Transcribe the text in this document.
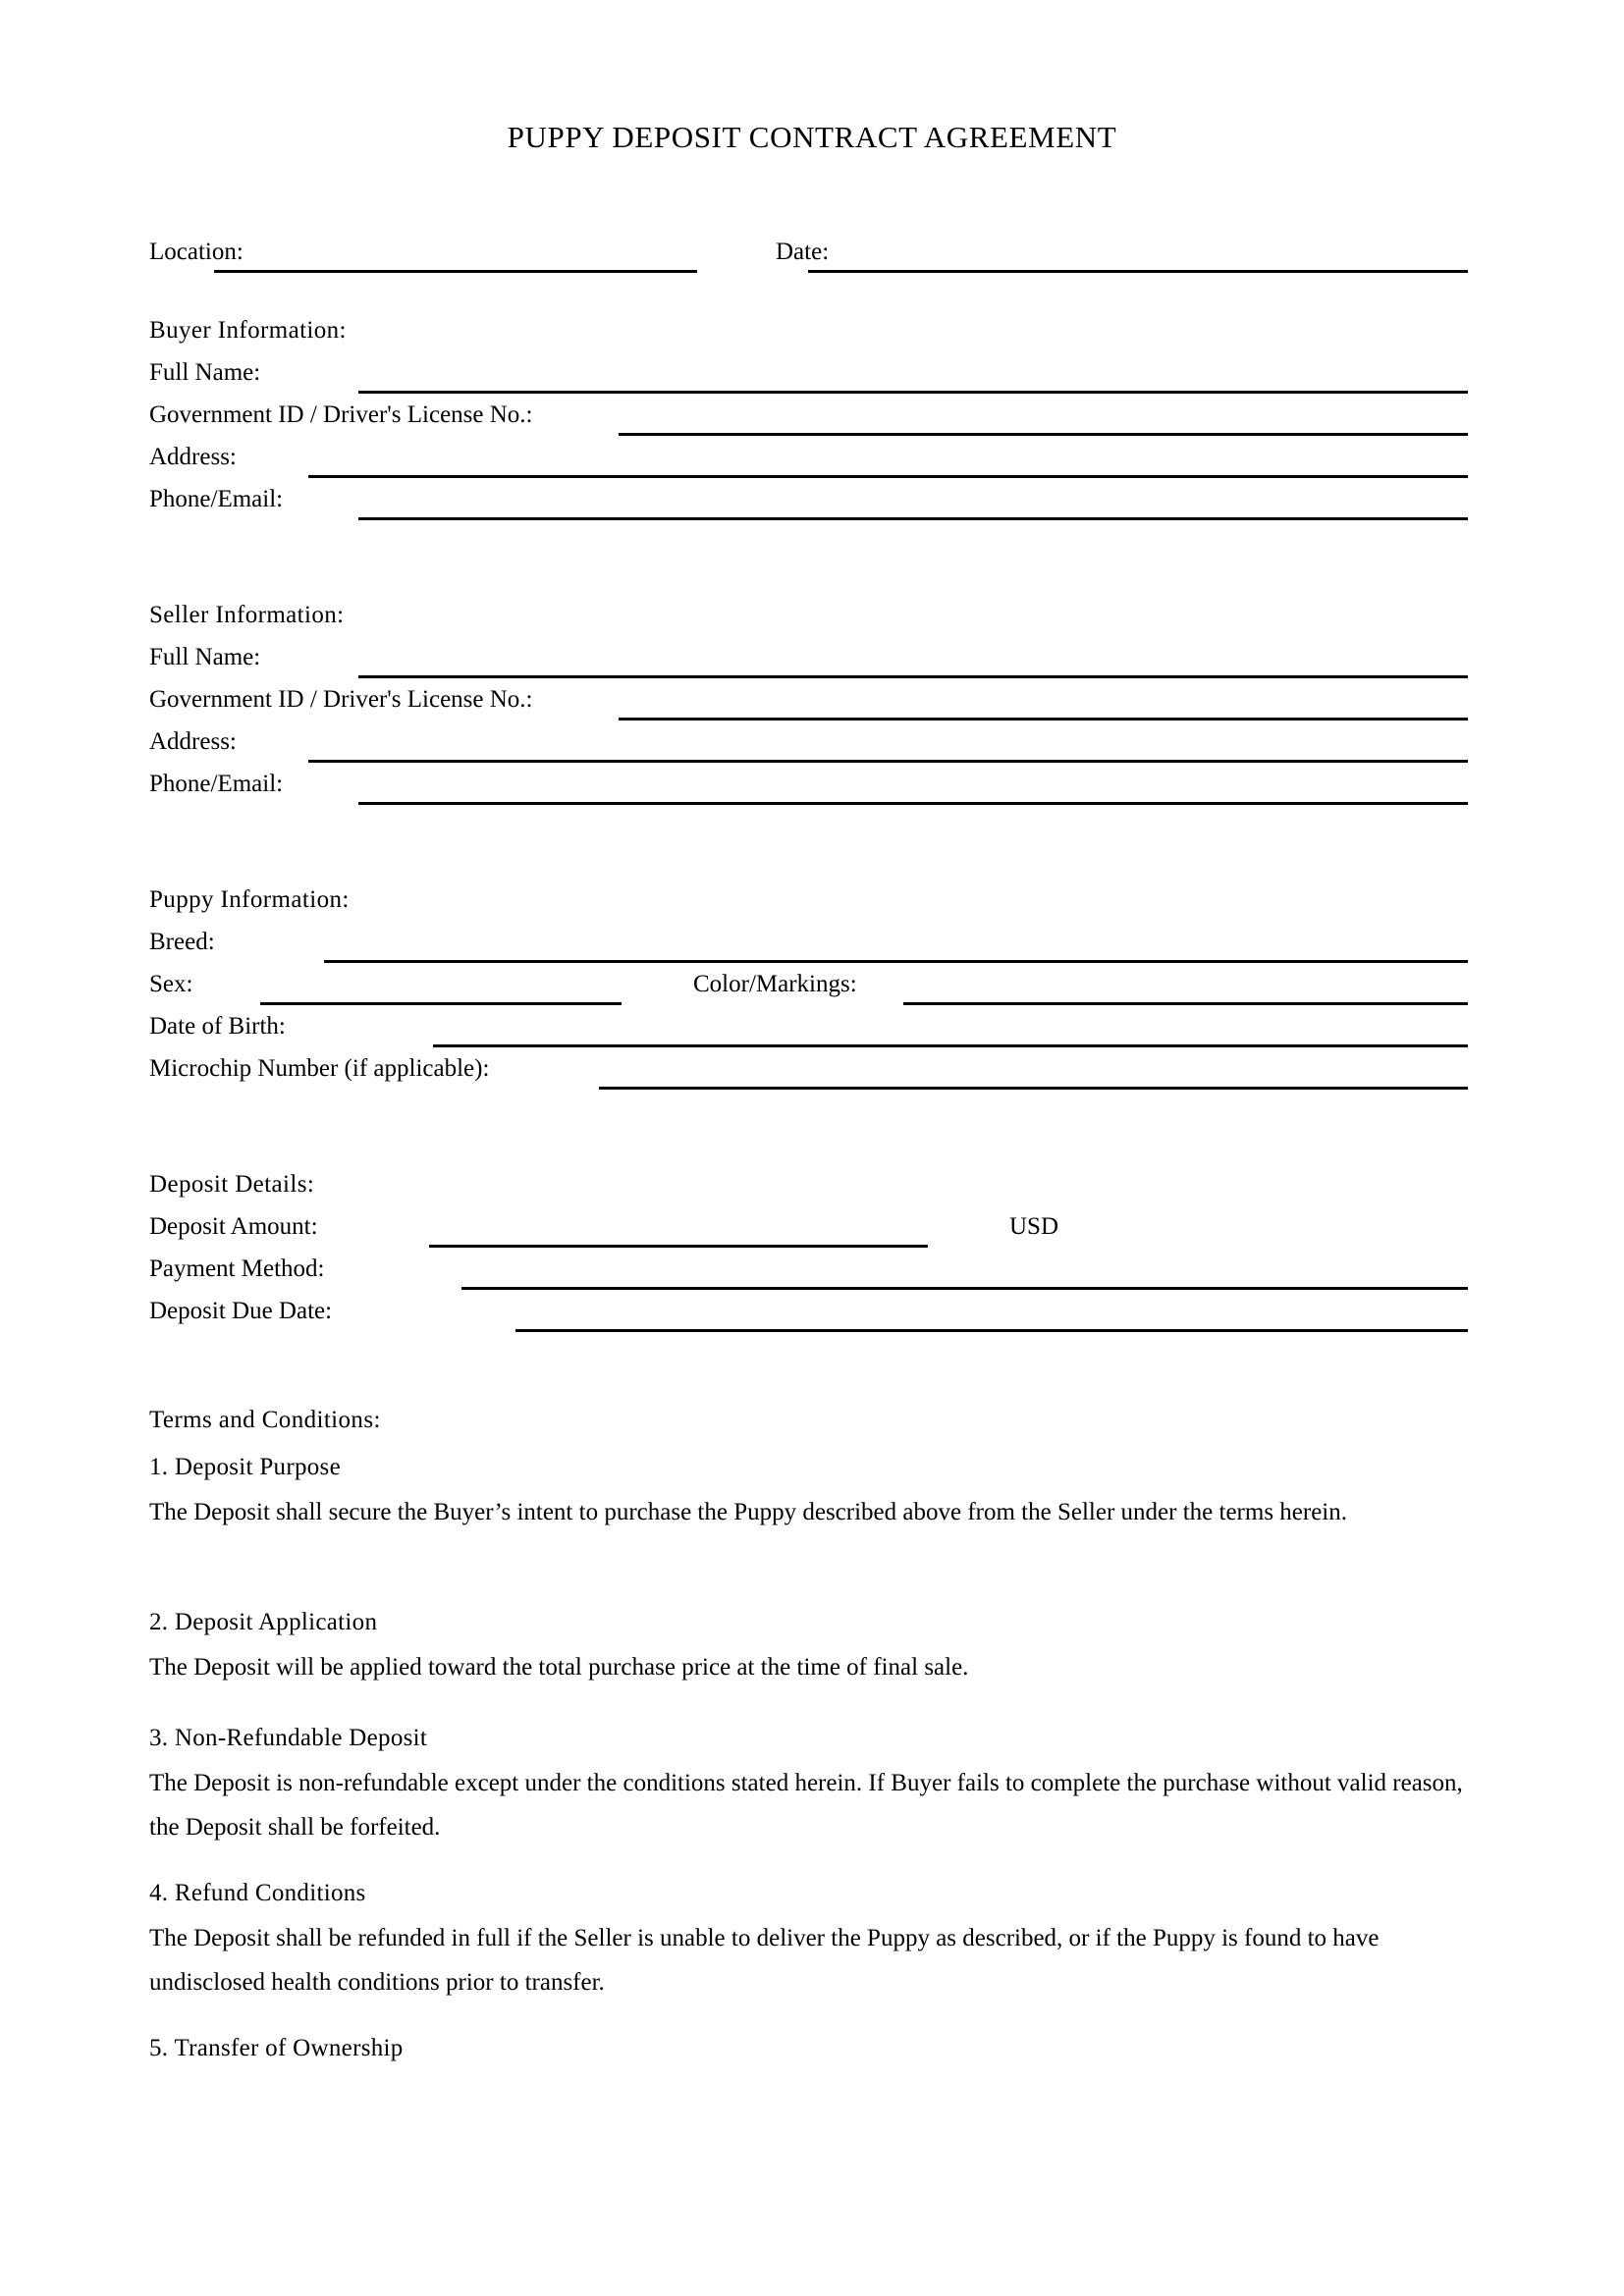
PUPPY DEPOSIT CONTRACT AGREEMENT
Location:	Date:
Buyer Information:
Full Name:
Government ID / Driver's License No.:
Address:
Phone/Email:
Seller Information:
Full Name:
Government ID / Driver's License No.:
Address:
Phone/Email:
Puppy Information:
Breed:
Sex:	Color/Markings:
Date of Birth:
Microchip Number (if applicable):
Deposit Details:
Deposit Amount:	USD
Payment Method:
Deposit Due Date:
Terms and Conditions:
1. Deposit Purpose
The Deposit shall secure the Buyer’s intent to purchase the Puppy described above from the Seller under the terms herein.
2. Deposit Application
The Deposit will be applied toward the total purchase price at the time of final sale.
3. Non-Refundable Deposit
The Deposit is non-refundable except under the conditions stated herein. If Buyer fails to complete the purchase without valid reason, the Deposit shall be forfeited.
4. Refund Conditions
The Deposit shall be refunded in full if the Seller is unable to deliver the Puppy as described, or if the Puppy is found to have undisclosed health conditions prior to transfer.
5. Transfer of Ownership
